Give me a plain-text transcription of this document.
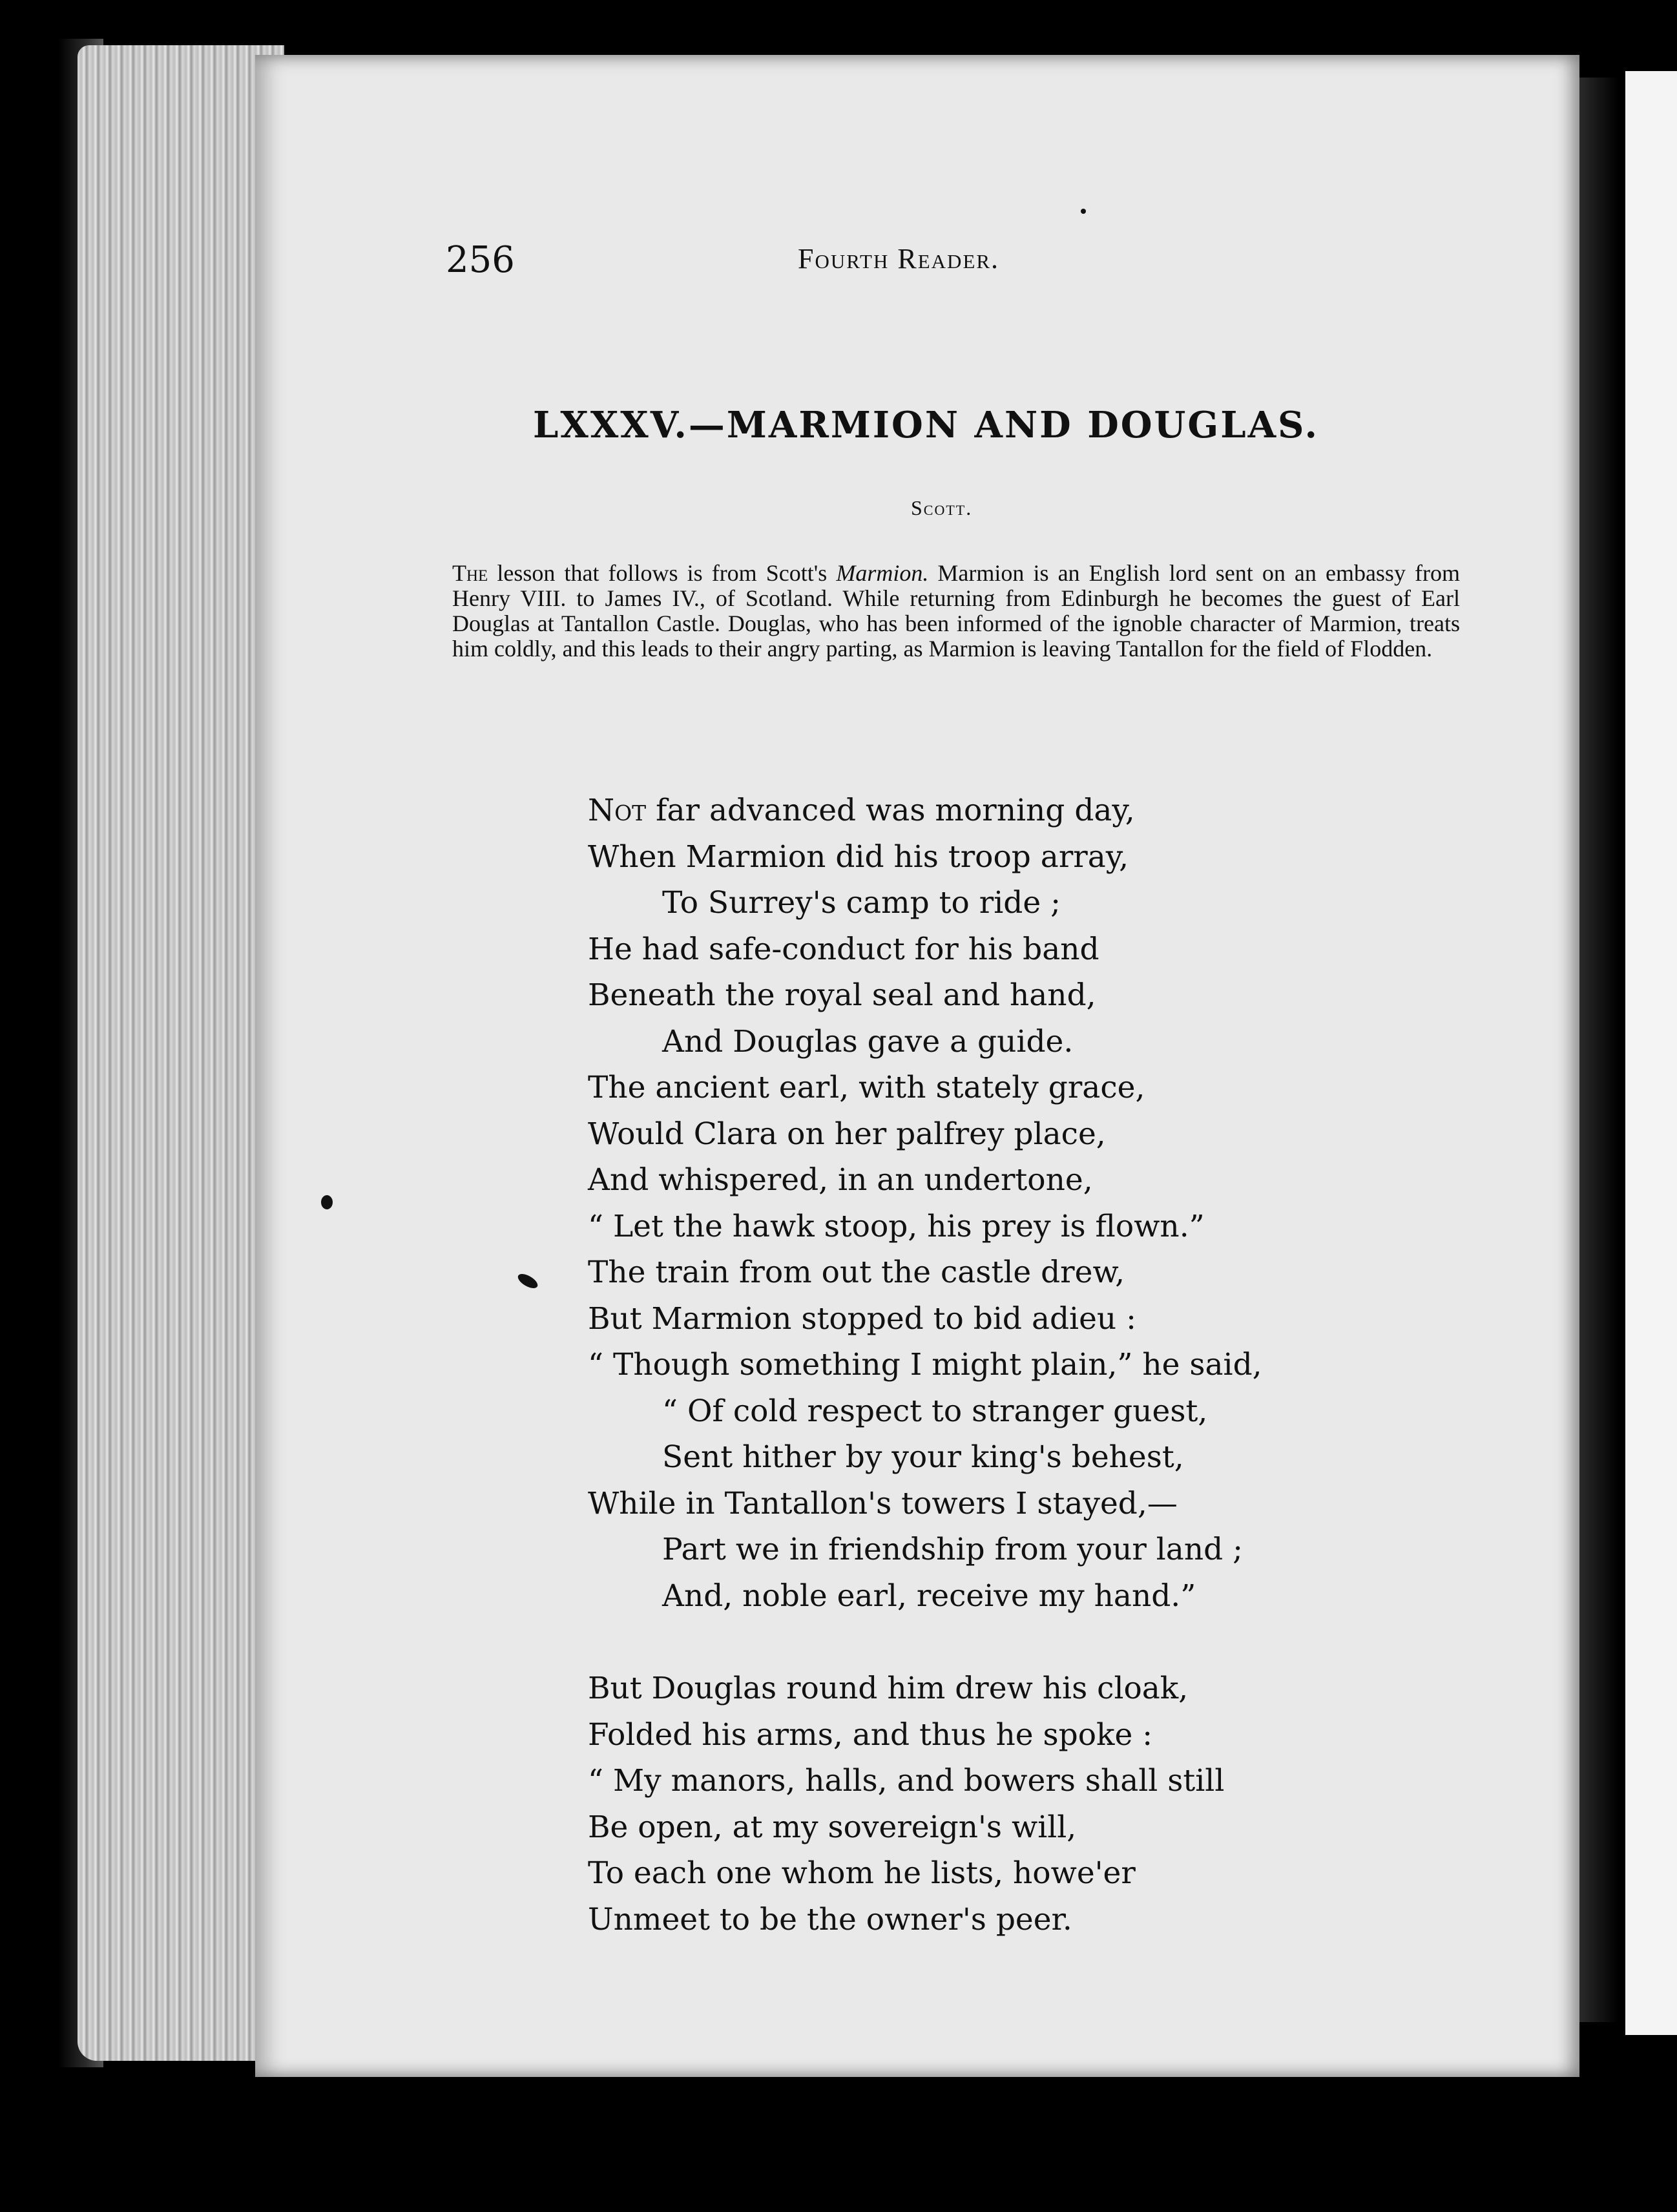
256	Fourth Reader.
LXXXV.—MARMION AND DOUGLAS.
Scott.
The lesson that follows is from Scott's Marmion. Marmion is an English lord sent on an embassy from Henry VIII. to James IV., of Scotland. While returning from Edinburgh he becomes the guest of Earl Douglas at Tantallon Castle. Douglas, who has been informed of the ignoble character of Marmion, treats him coldly, and this leads to their angry parting, as Marmion is leaving Tantallon for the field of Flodden.
Not far advanced was morning day,
When Marmion did his troop array,
To Surrey's camp to ride ;
He had safe-conduct for his band
Beneath the royal seal and hand,
And Douglas gave a guide.
The ancient earl, with stately grace,
Would Clara on her palfrey place,
And whispered, in an undertone,
“ Let the hawk stoop, his prey is flown.”
The train from out the castle drew,
But Marmion stopped to bid adieu :
“ Though something I might plain,” he said,
“ Of cold respect to stranger guest,
Sent hither by your king's behest,
While in Tantallon's towers I stayed,—
Part we in friendship from your land ;
And, noble earl, receive my hand.”
But Douglas round him drew his cloak,
Folded his arms, and thus he spoke :
“ My manors, halls, and bowers shall still
Be open, at my sovereign's will,
To each one whom he lists, howe'er
Unmeet to be the owner's peer.
